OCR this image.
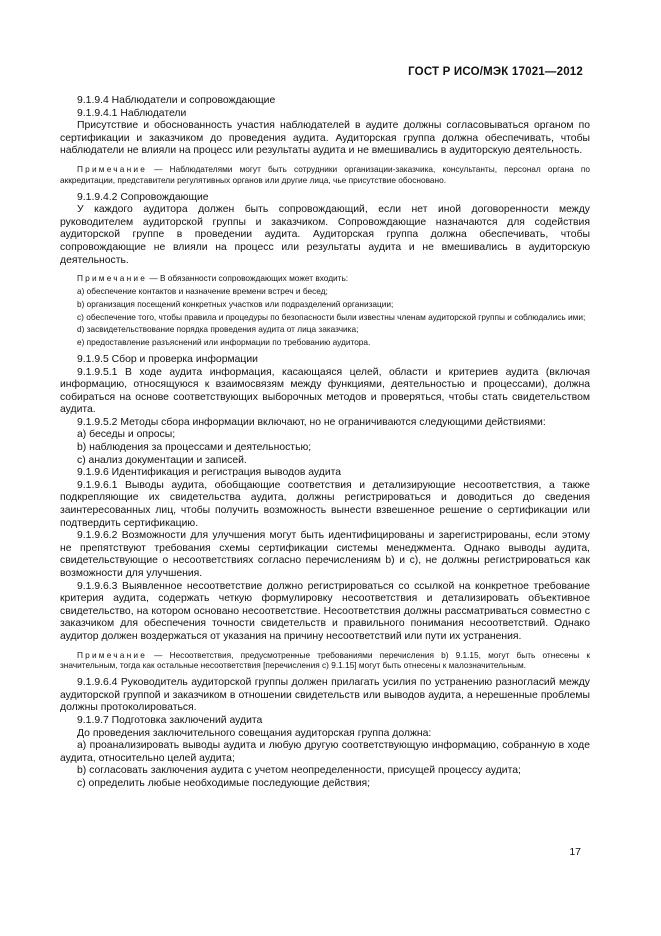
ГОСТ Р ИСО/МЭК 17021—2012

9.1.9.4 Наблюдатели и сопровождающие

9.1.9.4.1 Наблюдатели

Присутствие и обоснованность участия наблюдателей в аудите должны согласовываться органом по сертификации и заказчиком до проведения аудита. Аудиторская группа должна обеспечивать, чтобы наблюдатели не влияли на процесс или результаты аудита и не вмешивались в аудиторскую деятельность.

Примечание — Наблюдателями могут быть сотрудники организации-заказчика, консультанты, персонал органа по аккредитации, представители регулятивных органов или другие лица, чье присутствие обосновано.

9.1.9.4.2 Сопровождающие

У каждого аудитора должен быть сопровождающий, если нет иной договоренности между руководителем аудиторской группы и заказчиком. Сопровождающие назначаются для содействия аудиторской группе в проведении аудита. Аудиторская группа должна обеспечивать, чтобы сопровождающие не влияли на процесс или результаты аудита и не вмешивались в аудиторскую деятельность.

Примечание — В обязанности сопровождающих может входить:

а) обеспечение контактов и назначение времени встреч и бесед;

b) организация посещений конкретных участков или подразделений организации;

с) обеспечение того, чтобы правила и процедуры по безопасности были известны членам аудиторской группы и соблюдались ими;

d) засвидетельствование порядка проведения аудита от лица заказчика;

е) предоставление разъяснений или информации по требованию аудитора.

9.1.9.5 Сбор и проверка информации

9.1.9.5.1 В ходе аудита информация, касающаяся целей, области и критериев аудита (включая информацию, относящуюся к взаимосвязям между функциями, деятельностью и процессами), должна собираться на основе соответствующих выборочных методов и проверяться, чтобы стать свидетельством аудита.

9.1.9.5.2 Методы сбора информации включают, но не ограничиваются следующими действиями:

а) беседы и опросы;

b) наблюдения за процессами и деятельностью;

с) анализ документации и записей.

9.1.9.6 Идентификация и регистрация выводов аудита

9.1.9.6.1 Выводы аудита, обобщающие соответствия и детализирующие несоответствия, а также подкрепляющие их свидетельства аудита, должны регистрироваться и доводиться до сведения заинтересованных лиц, чтобы получить возможность вынести взвешенное решение о сертификации или подтвердить сертификацию.

9.1.9.6.2 Возможности для улучшения могут быть идентифицированы и зарегистрированы, если этому не препятствуют требования схемы сертификации системы менеджмента. Однако выводы аудита, свидетельствующие о несоответствиях согласно перечислениям b) и с), не должны регистрироваться как возможности для улучшения.

9.1.9.6.3 Выявленное несоответствие должно регистрироваться со ссылкой на конкретное требование критерия аудита, содержать четкую формулировку несоответствия и детализировать объективное свидетельство, на котором основано несоответствие. Несоответствия должны рассматриваться совместно с заказчиком для обеспечения точности свидетельств и правильного понимания несоответствий. Однако аудитор должен воздержаться от указания на причину несоответствий или пути их устранения.

Примечание — Несоответствия, предусмотренные требованиями перечисления b) 9.1.15, могут быть отнесены к значительным, тогда как остальные несоответствия [перечисления с) 9.1.15] могут быть отнесены к малозначительным.

9.1.9.6.4 Руководитель аудиторской группы должен прилагать усилия по устранению разногласий между аудиторской группой и заказчиком в отношении свидетельств или выводов аудита, а нерешенные проблемы должны протоколироваться.

9.1.9.7 Подготовка заключений аудита

До проведения заключительного совещания аудиторская группа должна:

а) проанализировать выводы аудита и любую другую соответствующую информацию, собранную в ходе аудита, относительно целей аудита;

b) согласовать заключения аудита с учетом неопределенности, присущей процессу аудита;

с) определить любые необходимые последующие действия;

17
